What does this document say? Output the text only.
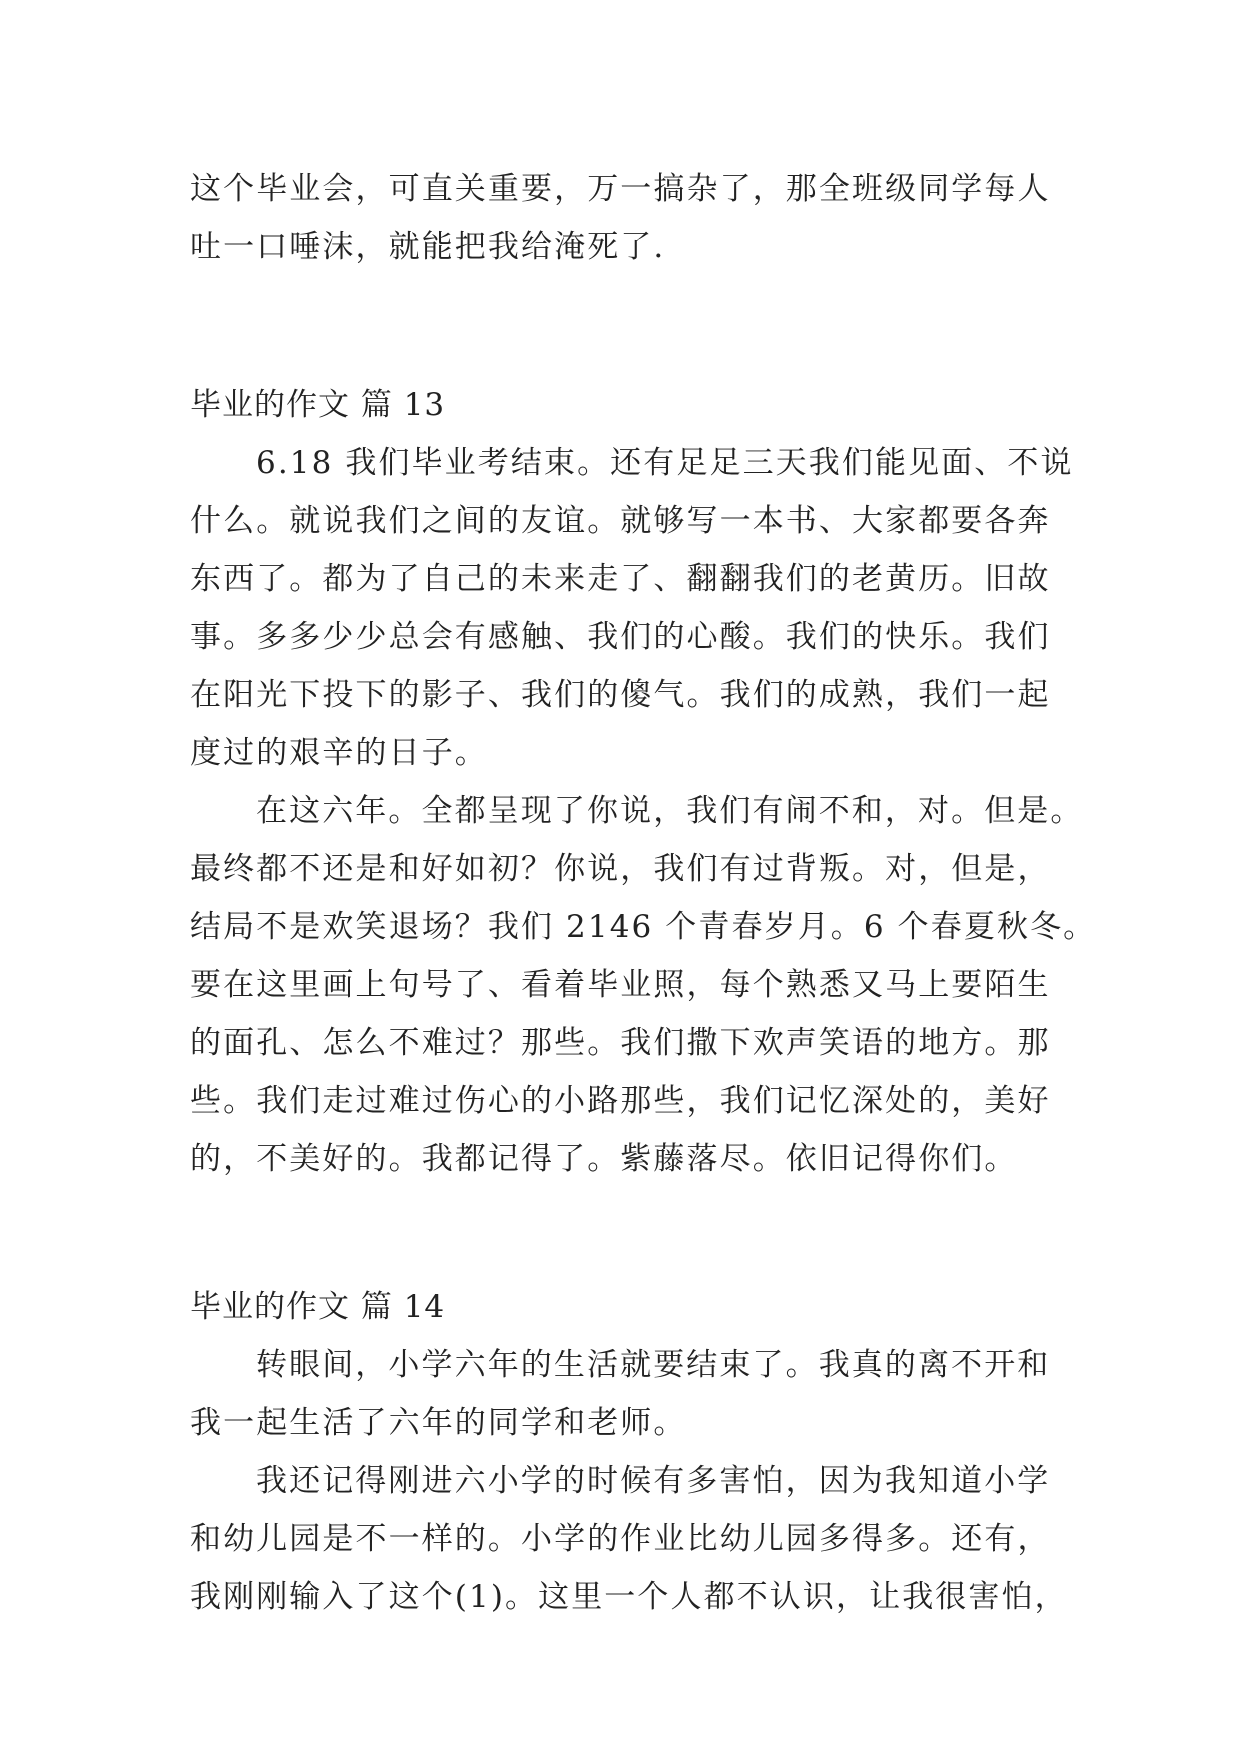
这个毕业会，可直关重要，万一搞杂了，那全班级同学每人
吐一口唾沫，就能把我给淹死了.
毕业的作文 篇 13
6.18 我们毕业考结束。还有足足三天我们能见面、不说
什么。就说我们之间的友谊。就够写一本书、大家都要各奔
东西了。都为了自己的未来走了、翻翻我们的老黄历。旧故
事。多多少少总会有感触、我们的心酸。我们的快乐。我们
在阳光下投下的影子、我们的傻气。我们的成熟，我们一起
度过的艰辛的日子。
在这六年。全都呈现了你说，我们有闹不和，对。但是。
最终都不还是和好如初？你说，我们有过背叛。对，但是，
结局不是欢笑退场？我们 2146 个青春岁月。6 个春夏秋冬。
要在这里画上句号了、看着毕业照，每个熟悉又马上要陌生
的面孔、怎么不难过？那些。我们撒下欢声笑语的地方。那
些。我们走过难过伤心的小路那些，我们记忆深处的，美好
的，不美好的。我都记得了。紫藤落尽。依旧记得你们。
毕业的作文 篇 14
转眼间，小学六年的生活就要结束了。我真的离不开和
我一起生活了六年的同学和老师。
我还记得刚进六小学的时候有多害怕，因为我知道小学
和幼儿园是不一样的。小学的作业比幼儿园多得多。还有，
我刚刚输入了这个(1)。这里一个人都不认识，让我很害怕，
